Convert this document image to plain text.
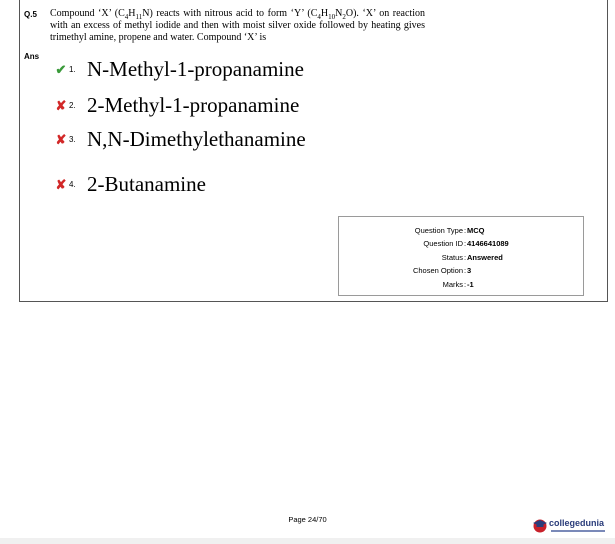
Q.5 Compound ‘X’ $(C_4H_{11}N)$ reacts with nitrous acid to form ‘Y’ $(C_4H_{10}N_2O)$. ‘X’ on reaction with an excess of methyl iodide and then with moist silver oxide followed by heating gives trimethyl amine, propene and water. Compound ‘X’ is
Ans
✔ 1. N-Methyl-1-propanamine
✘ 2. 2-Methyl-1-propanamine
✘ 3. N,N-Dimethylethanamine
✘ 4. 2-Butanamine
Question Type : MCQ
Question ID : 4146641089
Status : Answered
Chosen Option : 3
Marks : -1
Page 24/70	collegedunia
